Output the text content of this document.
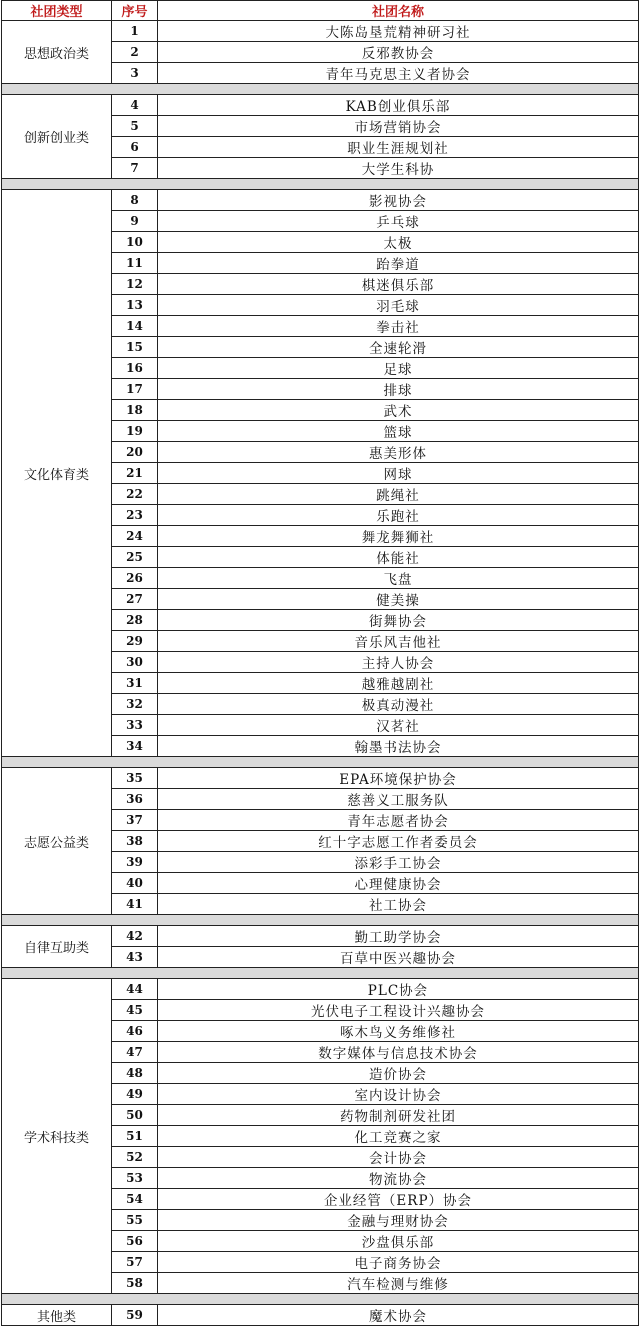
社团类型	序号	社团名称
思想政治类	1	大陈岛垦荒精神研习社
	2	反邪教协会
	3	青年马克思主义者协会

创新创业类	4	KAB创业俱乐部
	5	市场营销协会
	6	职业生涯规划社
	7	大学生科协

文化体育类	8	影视协会
	9	乒乓球
	10	太极
	11	跆拳道
	12	棋迷俱乐部
	13	羽毛球
	14	拳击社
	15	全速轮滑
	16	足球
	17	排球
	18	武术
	19	篮球
	20	惠美形体
	21	网球
	22	跳绳社
	23	乐跑社
	24	舞龙舞狮社
	25	体能社
	26	飞盘
	27	健美操
	28	街舞协会
	29	音乐风吉他社
	30	主持人协会
	31	越雅越剧社
	32	极真动漫社
	33	汉茗社
	34	翰墨书法协会

志愿公益类	35	EPA环境保护协会
	36	慈善义工服务队
	37	青年志愿者协会
	38	红十字志愿工作者委员会
	39	添彩手工协会
	40	心理健康协会
	41	社工协会

自律互助类	42	勤工助学协会
	43	百草中医兴趣协会

学术科技类	44	PLC协会
	45	光伏电子工程设计兴趣协会
	46	啄木鸟义务维修社
	47	数字媒体与信息技术协会
	48	造价协会
	49	室内设计协会
	50	药物制剂研发社团
	51	化工竞赛之家
	52	会计协会
	53	物流协会
	54	企业经管（ERP）协会
	55	金融与理财协会
	56	沙盘俱乐部
	57	电子商务协会
	58	汽车检测与维修

其他类	59	魔术协会
